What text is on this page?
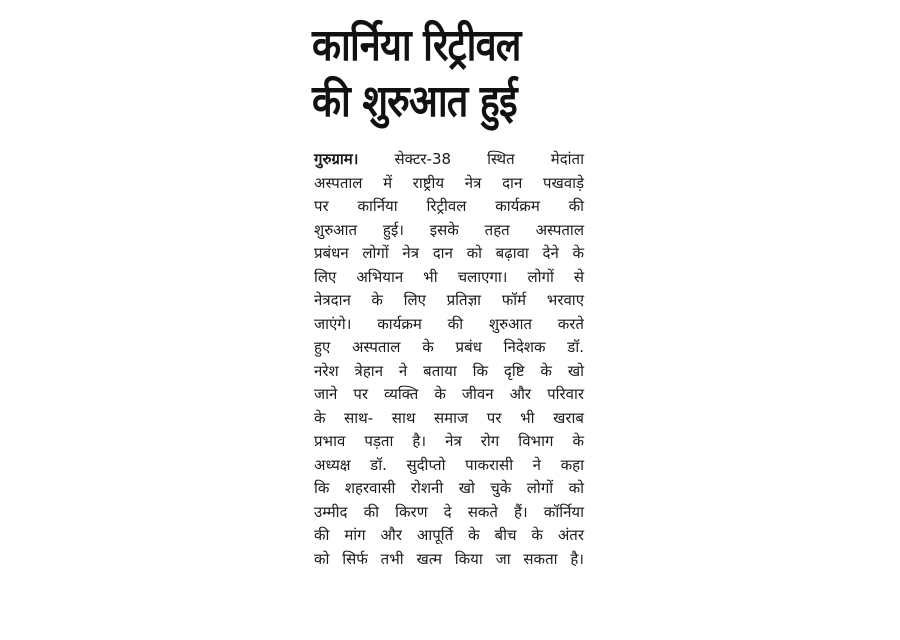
कार्निया रिट्रीवल
की शुरुआत हुई
गुरुग्राम। सेक्टर-38 स्थित मेदांता
अस्पताल में राष्ट्रीय नेत्र दान पखवाड़े
पर कार्निया रिट्रीवल कार्यक्रम की
शुरुआत हुई। इसके तहत अस्पताल
प्रबंधन लोगों नेत्र दान को बढ़ावा देने के
लिए अभियान भी चलाएगा। लोगों से
नेत्रदान के लिए प्रतिज्ञा फॉर्म भरवाए
जाएंगे। कार्यक्रम की शुरुआत करते
हुए अस्पताल के प्रबंध निदेशक डॉ.
नरेश त्रेहान ने बताया कि दृष्टि के खो
जाने पर व्यक्ति के जीवन और परिवार
के साथ- साथ समाज पर भी खराब
प्रभाव पड़ता है। नेत्र रोग विभाग के
अध्यक्ष डॉ. सुदीप्तो पाकरासी ने कहा
कि शहरवासी रोशनी खो चुके लोगों को
उम्मीद की किरण दे सकते हैं। कॉर्निया
की मांग और आपूर्ति के बीच के अंतर
को सिर्फ तभी खत्म किया जा सकता है।
